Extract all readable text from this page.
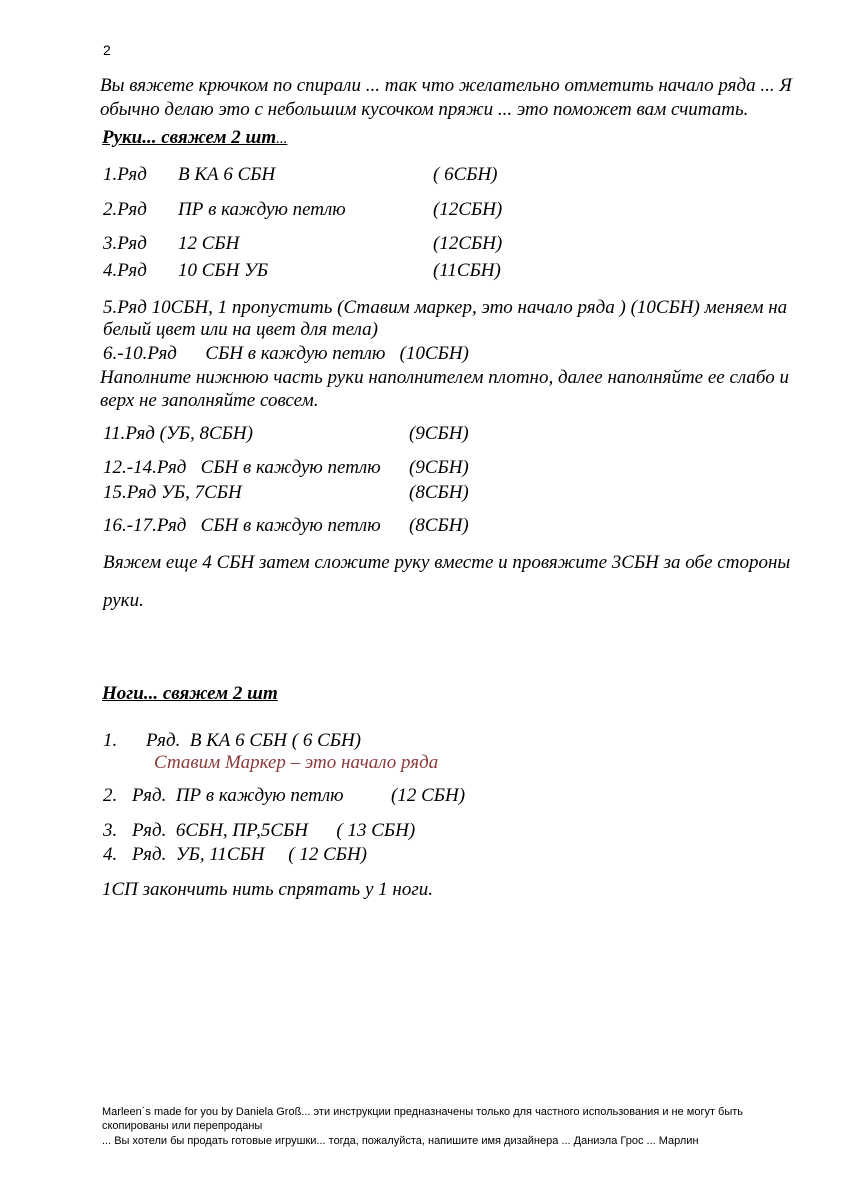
2
Вы вяжете крючком по спирали ... так что желательно отметить начало ряда ... Я
обычно делаю это с небольшим кусочком пряжи ... это поможет вам считать.
Руки... свяжем 2 шт...
1.Ряд В КА 6 СБН	( 6СБН)
2.Ряд ПР в каждую петлю	(12СБН)
3.Ряд 12 СБН	(12СБН)
4.Ряд 10 СБН УБ	(11СБН)
5.Ряд 10СБН, 1 пропустить (Ставим маркер, это начало ряда ) (10СБН) меняем на
белый цвет или на цвет для тела)
6.-10.Ряд      СБН в каждую петлю   (10СБН)
Наполните нижнюю часть руки наполнителем плотно, далее наполняйте ее слабо и
верх не заполняйте совсем.
11.Ряд (УБ, 8СБН)	(9СБН)
12.-14.Ряд   СБН в каждую петлю (9СБН)
15.Ряд УБ, 7СБН	(8СБН)
16.-17.Ряд   СБН в каждую петлю (8СБН)
Вяжем еще 4 СБН затем сложите руку вместе и провяжите 3СБН за обе стороны
руки.
Ноги... свяжем 2 шт
1. Ряд.  В КА 6 СБН ( 6 СБН)
Ставим Маркер – это начало ряда
2. Ряд.  ПР в каждую петлю          (12 СБН)
3. Ряд.  6СБН, ПР,5СБН      ( 13 СБН)
4. Ряд.  УБ, 11СБН     ( 12 СБН)
1СП закончить нить спрятать у 1 ноги.
Marleen´s made for you by Daniela Groß... эти инструкции предназначены только для частного использования и не могут быть
скопированы или перепроданы
... Вы хотели бы продать готовые игрушки... тогда, пожалуйста, напишите имя дизайнера ... Даниэла Грос ... Марлин
